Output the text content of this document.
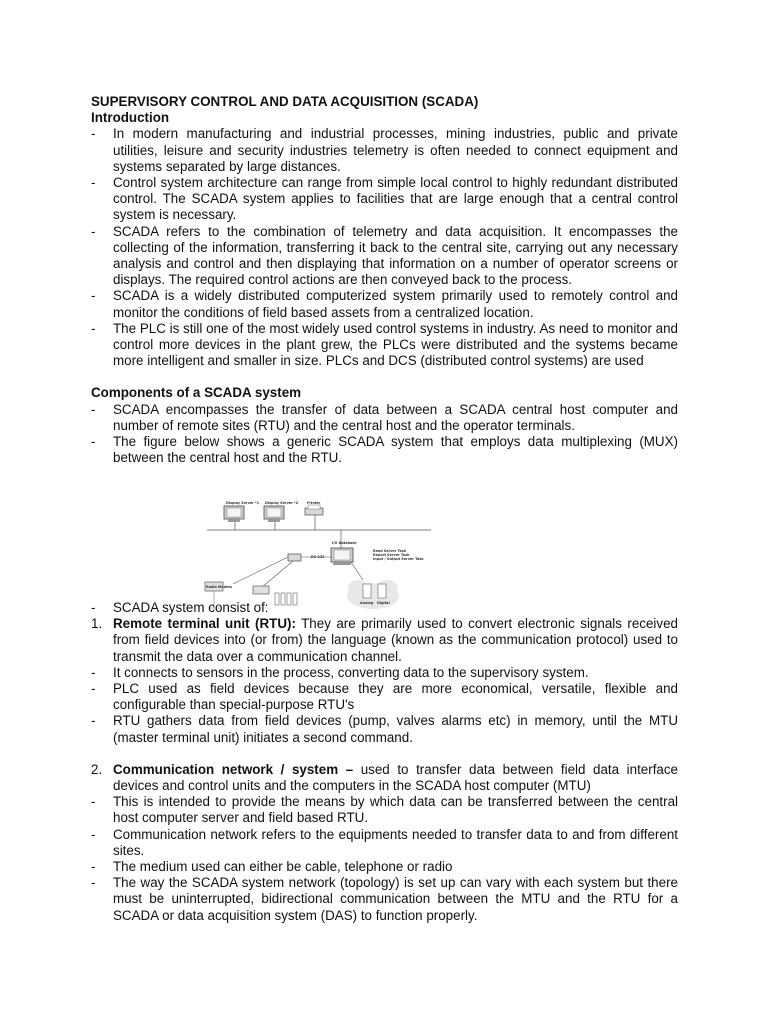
SUPERVISORY CONTROL AND DATA ACQUISITION (SCADA)
Introduction
- In modern manufacturing and industrial processes, mining industries, public and private utilities, leisure and security industries telemetry is often needed to connect equipment and systems separated by large distances.
- Control system architecture can range from simple local control to highly redundant distributed control. The SCADA system applies to facilities that are large enough that a central control system is necessary.
- SCADA refers to the combination of telemetry and data acquisition. It encompasses the collecting of the information, transferring it back to the central site, carrying out any necessary analysis and control and then displaying that information on a number of operator screens or displays. The required control actions are then conveyed back to the process.
- SCADA is a widely distributed computerized system primarily used to remotely control and monitor the conditions of field based assets from a centralized location.
- The PLC is still one of the most widely used control systems in industry. As need to monitor and control more devices in the plant grew, the PLCs were distributed and the systems became more intelligent and smaller in size. PLCs and DCS (distributed control systems) are used
Components of a SCADA system
- SCADA encompasses the transfer of data between a SCADA central host computer and number of remote sites (RTU) and the central host and the operator terminals.
- The figure below shows a generic SCADA system that employs data multiplexing (MUX) between the central host and the RTU.
Display Server *1 Display Server *2	Printer
I/O Database
RS-232
Read Server Task
Report Server Task
Input / Output Server Task
Radio Modem
Analog Digital
- SCADA system consist of:
1. Remote terminal unit (RTU): They are primarily used to convert electronic signals received from field devices into (or from) the language (known as the communication protocol) used to transmit the data over a communication channel.
- It connects to sensors in the process, converting data to the supervisory system.
- PLC used as field devices because they are more economical, versatile, flexible and configurable than special-purpose RTU's
- RTU gathers data from field devices (pump, valves alarms etc) in memory, until the MTU (master terminal unit) initiates a second command.
2. Communication network / system – used to transfer data between field data interface devices and control units and the computers in the SCADA host computer (MTU)
- This is intended to provide the means by which data can be transferred between the central host computer server and field based RTU.
- Communication network refers to the equipments needed to transfer data to and from different sites.
- The medium used can either be cable, telephone or radio
- The way the SCADA system network (topology) is set up can vary with each system but there must be uninterrupted, bidirectional communication between the MTU and the RTU for a SCADA or data acquisition system (DAS) to function properly.
